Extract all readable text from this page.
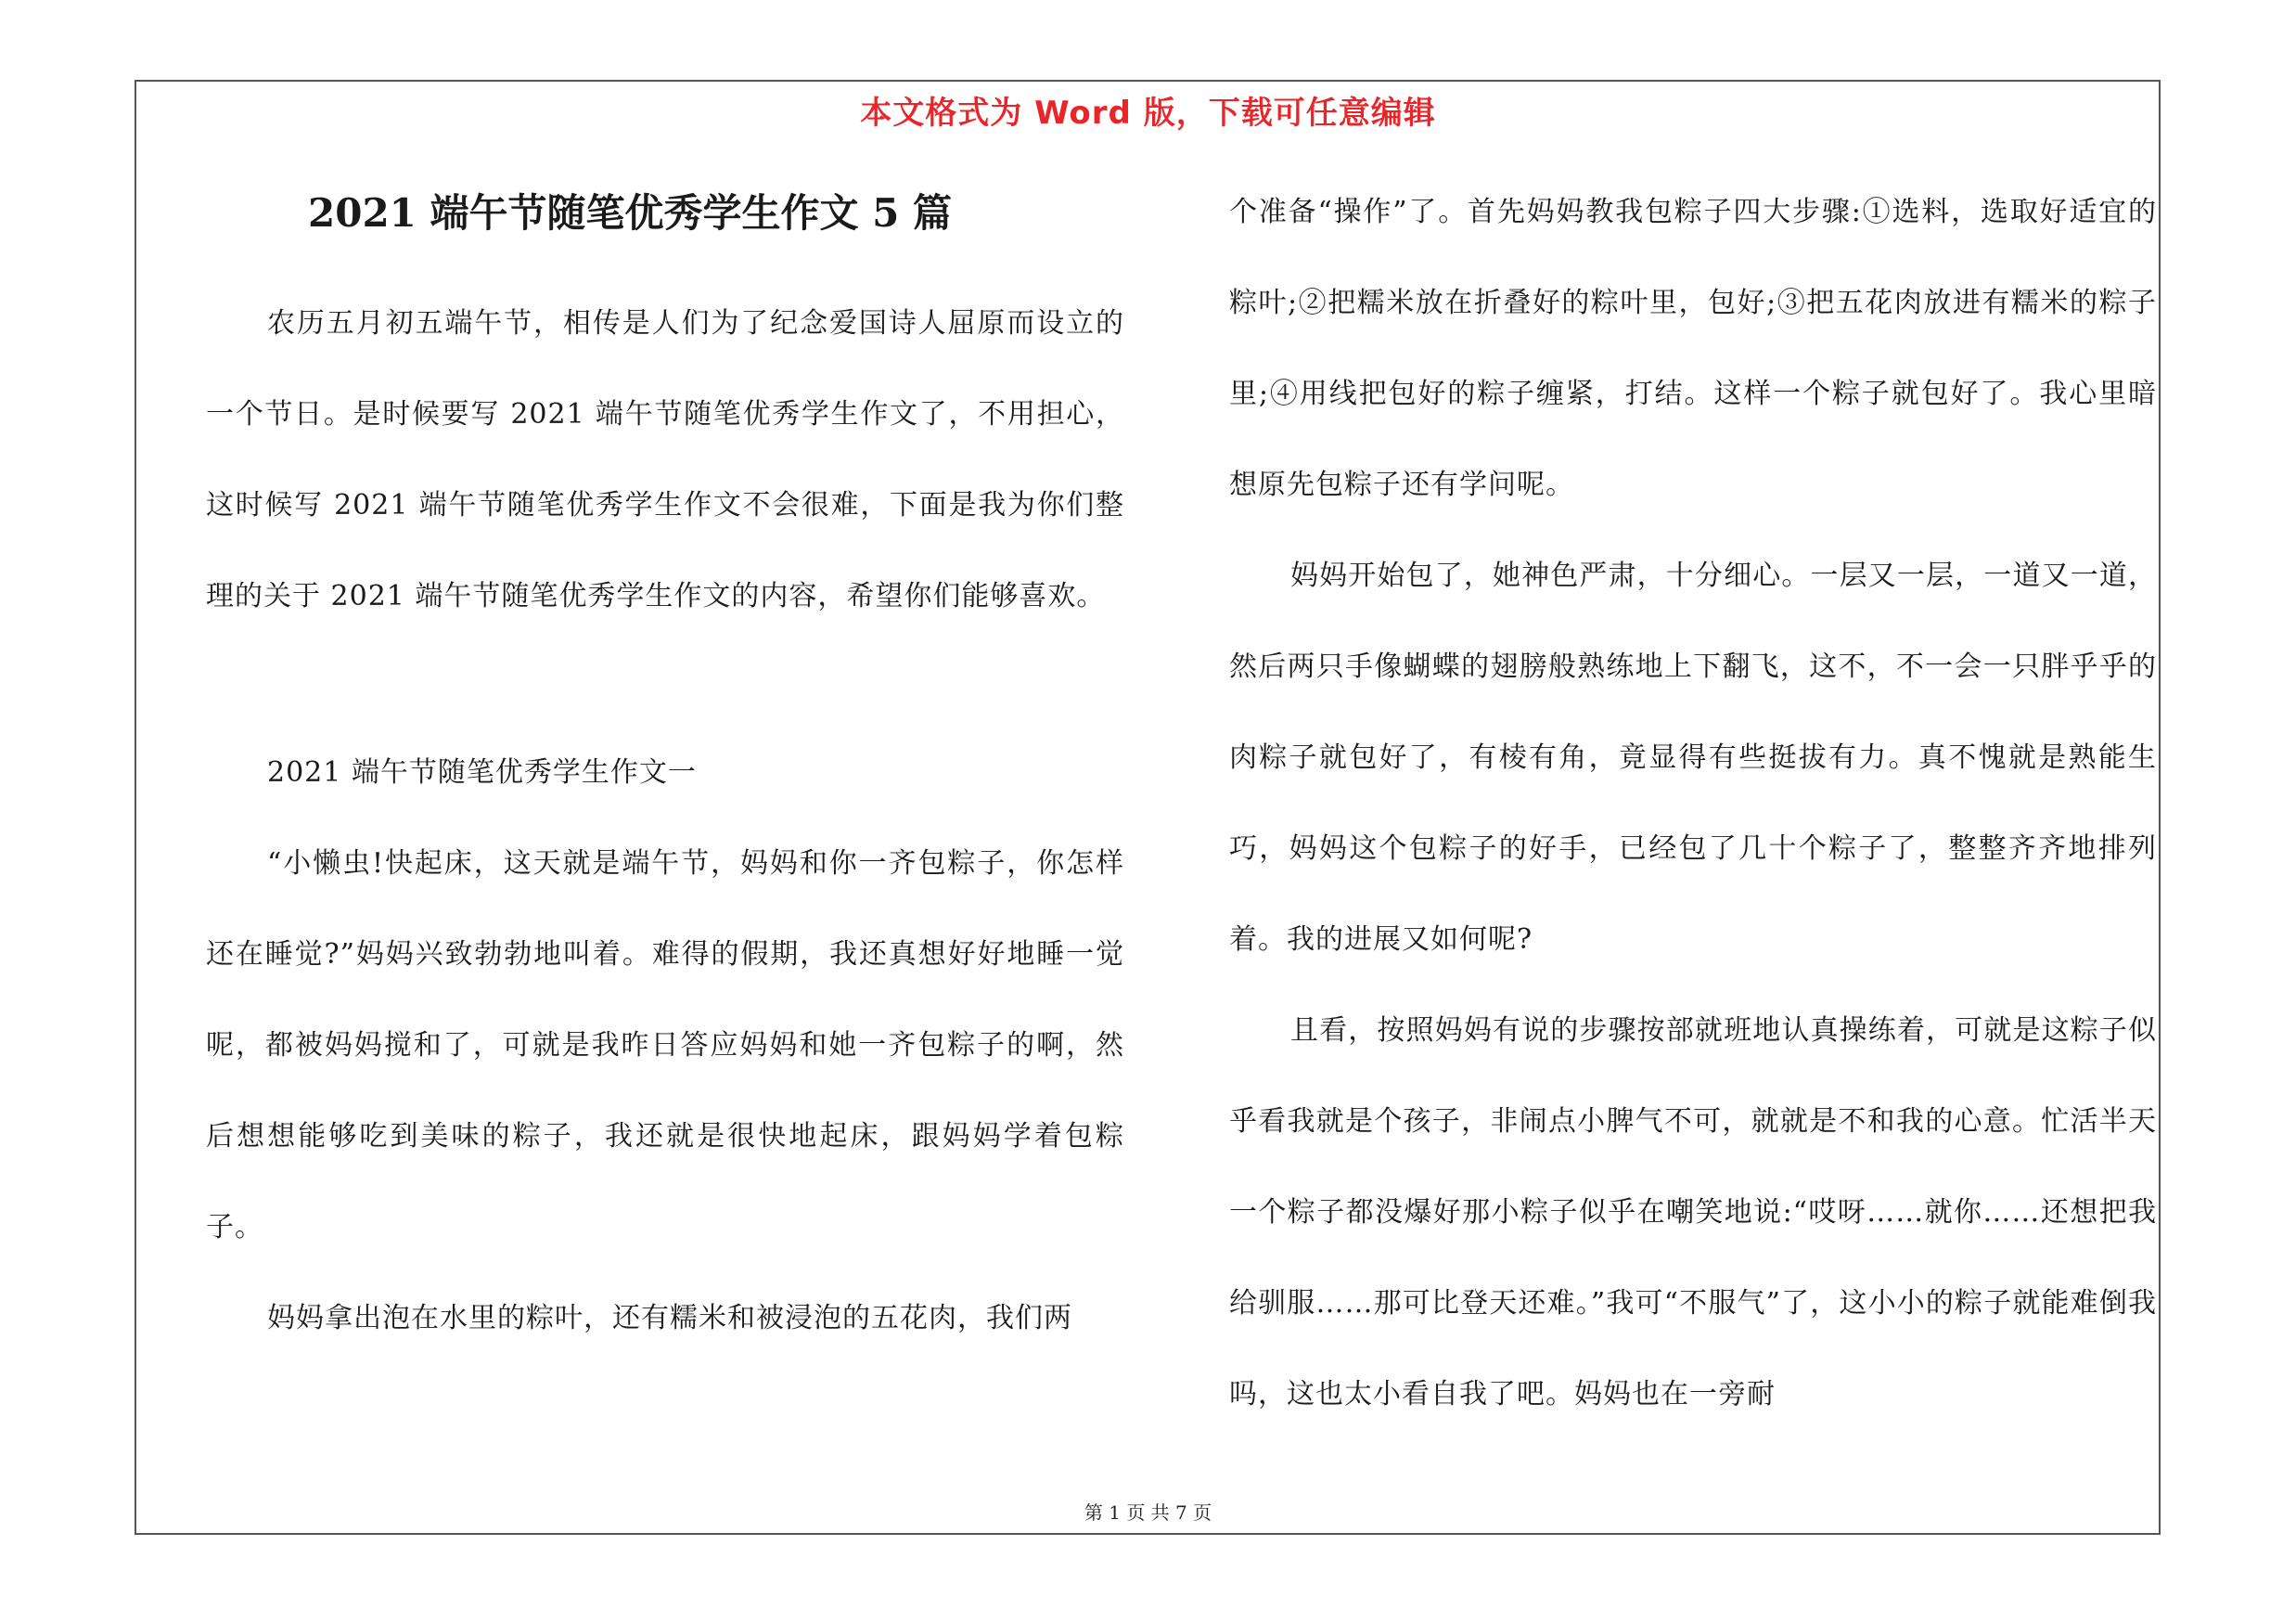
本文格式为 Word 版，下载可任意编辑
2021 端午节随笔优秀学生作文 5 篇

农历五月初五端午节，相传是人们为了纪念爱国诗人屈原而设立的一个节日。是时候要写 2021 端午节随笔优秀学生作文了，不用担心，这时候写 2021 端午节随笔优秀学生作文不会很难，下面是我为你们整理的关于 2021 端午节随笔优秀学生作文的内容，希望你们能够喜欢。

2021 端午节随笔优秀学生作文一

“小懒虫!快起床，这天就是端午节，妈妈和你一齐包粽子，你怎样还在睡觉?”妈妈兴致勃勃地叫着。难得的假期，我还真想好好地睡一觉呢，都被妈妈搅和了，可就是我昨日答应妈妈和她一齐包粽子的啊，然后想想能够吃到美味的粽子，我还就是很快地起床，跟妈妈学着包粽子。

妈妈拿出泡在水里的粽叶，还有糯米和被浸泡的五花肉，我们两

个准备“操作”了。首先妈妈教我包粽子四大步骤:①选料，选取好适宜的粽叶;②把糯米放在折叠好的粽叶里，包好;③把五花肉放进有糯米的粽子里;④用线把包好的粽子缠紧，打结。这样一个粽子就包好了。我心里暗想原先包粽子还有学问呢。

妈妈开始包了，她神色严肃，十分细心。一层又一层，一道又一道，然后两只手像蝴蝶的翅膀般熟练地上下翻飞，这不，不一会一只胖乎乎的肉粽子就包好了，有棱有角，竟显得有些挺拔有力。真不愧就是熟能生巧，妈妈这个包粽子的好手，已经包了几十个粽子了，整整齐齐地排列着。我的进展又如何呢?

且看，按照妈妈有说的步骤按部就班地认真操练着，可就是这粽子似乎看我就是个孩子，非闹点小脾气不可，就就是不和我的心意。忙活半天一个粽子都没爆好那小粽子似乎在嘲笑地说:“哎呀……就你……还想把我给驯服……那可比登天还难。”我可“不服气”了，这小小的粽子就能难倒我吗，这也太小看自我了吧。妈妈也在一旁耐

第 1 页 共 7 页
